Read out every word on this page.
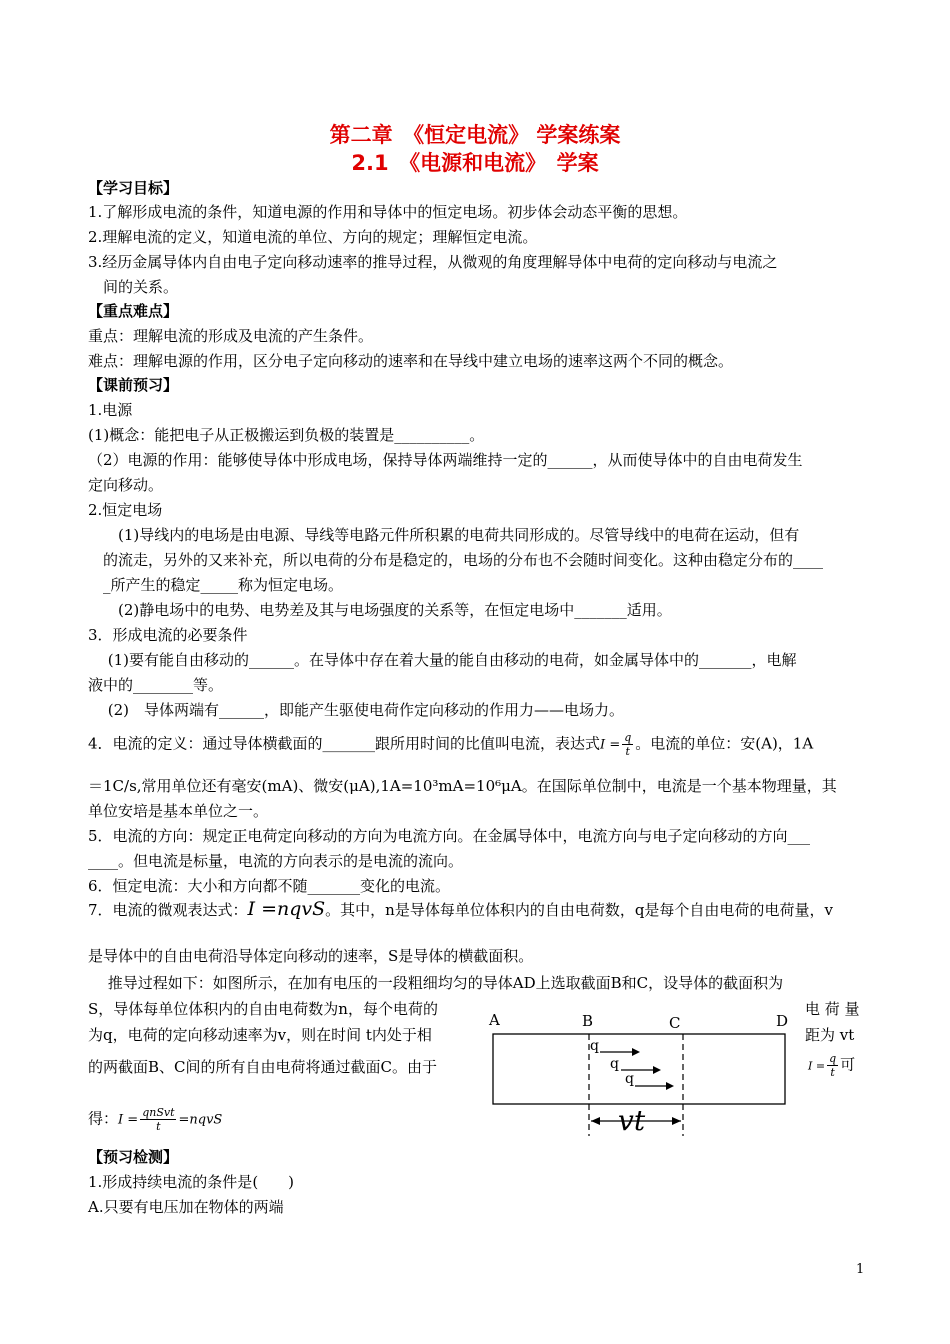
第二章　《恒定电流》 学案练案
2.1　《电源和电流》　学案
【学习目标】
1.了解形成电流的条件，知道电源的作用和导体中的恒定电场。初步体会动态平衡的思想。
2.理解电流的定义，知道电流的单位、方向的规定；理解恒定电流。
3.经历金属导体内自由电子定向移动速率的推导过程，从微观的角度理解导体中电荷的定向移动与电流之
　间的关系。
【重点难点】
重点：理解电流的形成及电流的产生条件。
难点：理解电源的作用，区分电子定向移动的速率和在导线中建立电场的速率这两个不同的概念。
【课前预习】
1.电源
(1)概念：能把电子从正极搬运到负极的装置是__________。
（2）电源的作用：能够使导体中形成电场，保持导体两端维持一定的______，从而使导体中的自由电荷发生
定向移动。
2.恒定电场
　　(1)导线内的电场是由电源、导线等电路元件所积累的电荷共同形成的。尽管导线中的电荷在运动，但有
　的流走，另外的又来补充，所以电荷的分布是稳定的，电场的分布也不会随时间变化。这种由稳定分布的____
　_所产生的稳定_____称为恒定电场。
　　(2)静电场中的电势、电势差及其与电场强度的关系等，在恒定电场中_______适用。
3．形成电流的必要条件
　 (1)要有能自由移动的______。在导体中存在着大量的能自由移动的电荷，如金属导体中的_______，电解
液中的________等。
　 (2)　导体两端有______，即能产生驱使电荷作定向移动的作用力——电场力。
4．电流的定义：通过导体横截面的_______跟所用时间的比值叫电流，表达式$I = \frac{q}{t}$ 。电流的单位：安(A)，1A
＝1C/s,常用单位还有毫安(mA)、微安(μA),1A=10³mA=10⁶μA。在国际单位制中，电流是一个基本物理量，其
单位安培是基本单位之一。
5．电流的方向：规定正电荷定向移动的方向为电流方向。在金属导体中，电流方向与电子定向移动的方向___
____。但电流是标量，电流的方向表示的是电流的流向。
6．恒定电流：大小和方向都不随_______变化的电流。
7．电流的微观表达式：I =nqvS。其中，n是导体每单位体积内的自由电荷数，q是每个自由电荷的电荷量，v
是导体中的自由电荷沿导体定向移动的速率，S是导体的横截面积。
　 推导过程如下：如图所示，在加有电压的一段粗细均匀的导体AD上选取截面B和C，设导体的截面积为
S，导体每单位体积内的自由电荷数为n，每个电荷的	电 荷 量
为q，电荷的定向移动速率为v，则在时间 t内处于相	距为 vt
的两截面B、C间的所有自由电荷将通过截面C。由于	$I = \frac{q}{t}$ 可
得：$I = \frac{\text{qnSvt}}{t}$ =nqvS
A	B	C	D
q
q
q
vt
【预习检测】
1.形成持续电流的条件是(　　)
A.只要有电压加在物体的两端
1
